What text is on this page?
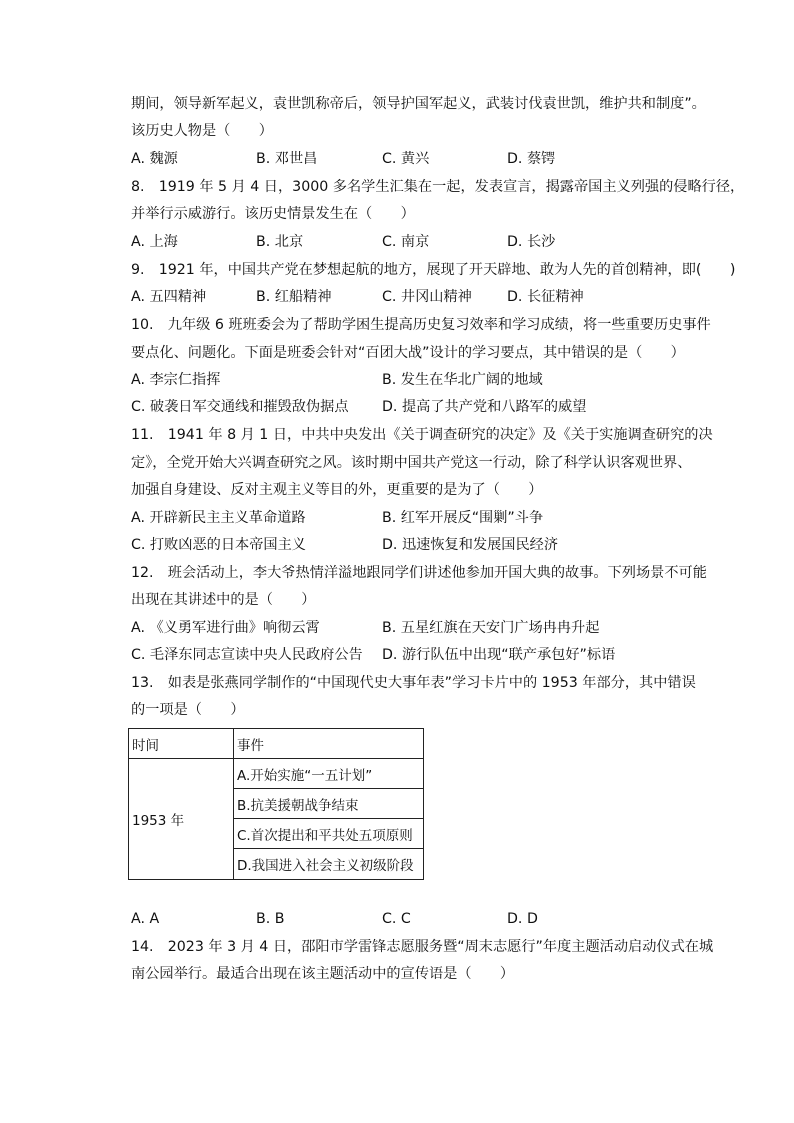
期间，领导新军起义，袁世凯称帝后，领导护国军起义，武装讨伐袁世凯，维护共和制度”。
该历史人物是（　　）
A. 魏源	B. 邓世昌	C. 黄兴	D. 蔡锷
8.　1919 年 5 月 4 日，3000 多名学生汇集在一起，发表宣言，揭露帝国主义列强的侵略行径，
并举行示威游行。该历史情景发生在（　　）
A. 上海	B. 北京	C. 南京	D. 长沙
9.　1921 年，中国共产党在梦想起航的地方，展现了开天辟地、敢为人先的首创精神，即(　　)
A. 五四精神	B. 红船精神	C. 井冈山精神 D. 长征精神
10.　九年级 6 班班委会为了帮助学困生提高历史复习效率和学习成绩，将一些重要历史事件
要点化、问题化。下面是班委会针对“百团大战”设计的学习要点，其中错误的是（　　）
A. 李宗仁指挥	B. 发生在华北广阔的地域
C. 破袭日军交通线和摧毁敌伪据点 D. 提高了共产党和八路军的威望
11.　1941 年 8 月 1 日，中共中央发出《关于调查研究的决定》及《关于实施调查研究的决
定》，全党开始大兴调查研究之风。该时期中国共产党这一行动，除了科学认识客观世界、
加强自身建设、反对主观主义等目的外，更重要的是为了（　　）
A. 开辟新民主主义革命道路	B. 红军开展反“围剿”斗争
C. 打败凶恶的日本帝国主义	D. 迅速恢复和发展国民经济
12.　班会活动上，李大爷热情洋溢地跟同学们讲述他参加开国大典的故事。下列场景不可能
出现在其讲述中的是（　　）
A. 《义勇军进行曲》响彻云霄	B. 五星红旗在天安门广场冉冉升起
C. 毛泽东同志宣读中央人民政府公告 D. 游行队伍中出现“联产承包好”标语
13.　如表是张燕同学制作的“中国现代史大事年表”学习卡片中的 1953 年部分，其中错误
的一项是（　　）
时间	事件
1953 年	A.开始实施“一五计划”
	B.抗美援朝战争结束
	C.首次提出和平共处五项原则
	D.我国进入社会主义初级阶段
A. A	B. B	C. C	D. D
14.　2023 年 3 月 4 日，邵阳市学雷锋志愿服务暨“周末志愿行”年度主题活动启动仪式在城
南公园举行。最适合出现在该主题活动中的宣传语是（　　）
